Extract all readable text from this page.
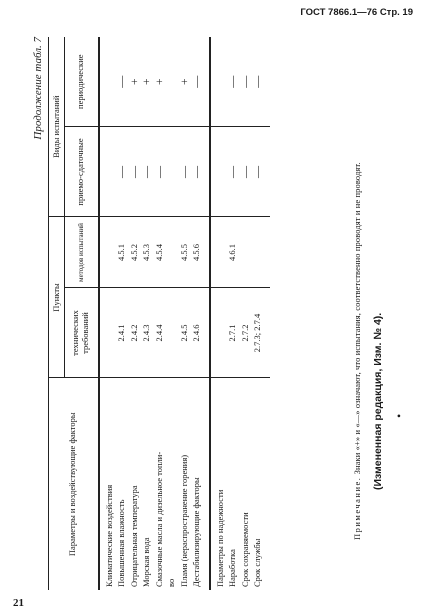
ГОСТ 7866.1—76 Стр. 19
Продолжение табл. 7
Параметры и воздействующие факторы	Пункты		Виды испытаний	
	технических требований	методов испытаний	приемо-сдаточные	периодические

Климатические воздействия				
Повышенная влажность	2.4.1	4.5.1	—	—
Отрицательная температура	2.4.2	4.5.2	—	+
Морская вода	2.4.3	4.5.3	—	+
Смазочные масла и дизельное топли-	2.4.4	4.5.4	—	+
во				
Пламя (нераспространение горения)	2.4.5	4.5.5	—	+
Дестабилизирующие факторы	2.4.6	4.5.6	—	—

Параметры по надежности				
Наработка	2.7.1	4.6.1	—	—
Срок сохраняемости	2.7.2		—	—
Срок службы	2.7.3; 2.7.4		—	—

Примечание. Знаки «+» и «—» означают, что испытания, соответственно проводят и не проводят. (Измененная редакция, Изм. № 4). •
21
